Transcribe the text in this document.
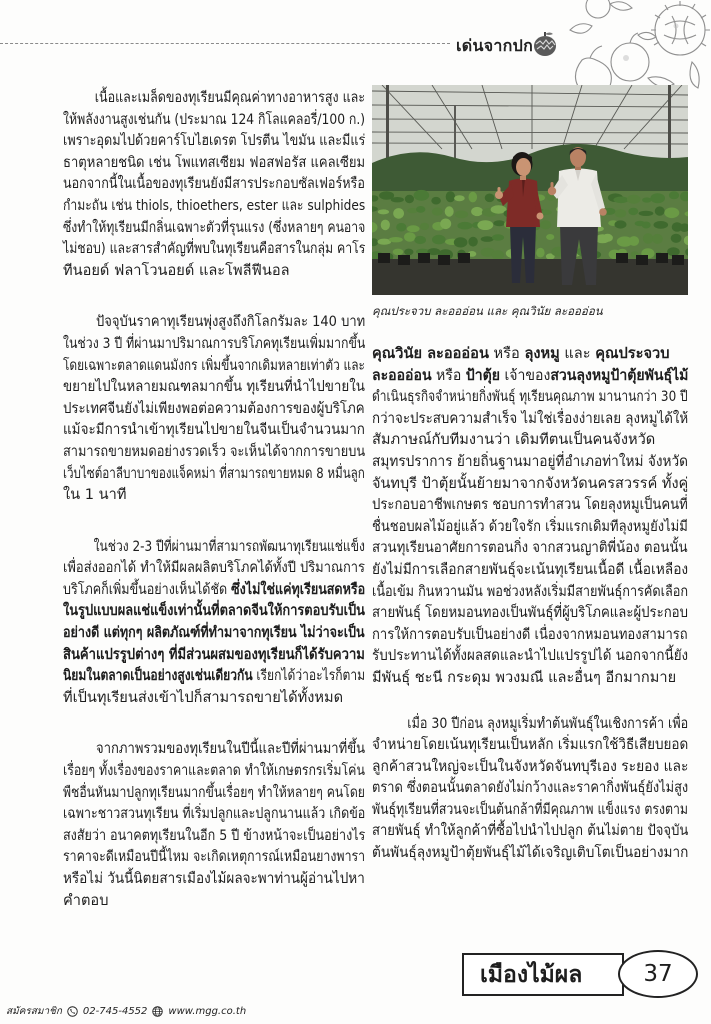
เด่นจากปก
เนื้อและเมล็ดของทุเรียนมีคุณค่าทางอาหารสูง และ
ให้พลังงานสูงเช่นกัน (ประมาณ 124 กิโลแคลอรี่/100 ก.)
เพราะอุดมไปด้วยคาร์โบไฮเดรต โปรตีน ไขมัน และมีแร่
ธาตุหลายชนิด เช่น โพแทสเซียม ฟอสฟอรัส แคลเซียม
นอกจากนี้ในเนื้อของทุเรียนยังมีสารประกอบซัลเฟอร์หรือ
กำมะถัน เช่น thiols, thioethers, ester และ sulphides
ซึ่งทำให้ทุเรียนมีกลิ่นเฉพาะตัวที่รุนแรง (ซึ่งหลายๆ คนอาจ
ไม่ชอบ) และสารสำคัญที่พบในทุเรียนคือสารในกลุ่ม คาโร
ทีนอยด์ ฟลาโวนอยด์ และโพลีฟีนอล
ปัจจุบันราคาทุเรียนพุ่งสูงถึงกิโลกรัมละ 140 บาท
ในช่วง 3 ปี ที่ผ่านมาปริมาณการบริโภคทุเรียนเพิ่มมากขึ้น
โดยเฉพาะตลาดแดนมังกร เพิ่มขึ้นจากเดิมหลายเท่าตัว และ
ขยายไปในหลายมณฑลมากขึ้น ทุเรียนที่นำไปขายใน
ประเทศจีนยังไม่เพียงพอต่อความต้องการของผู้บริโภค
แม้จะมีการนำเข้าทุเรียนไปขายในจีนเป็นจำนวนมาก
สามารถขายหมดอย่างรวดเร็ว จะเห็นได้จากการขายบน
เว็บไซต์อาลีบาบาของแจ็คหม่า ที่สามารถขายหมด 8 หมื่นลูก
ใน 1 นาที
ในช่วง 2-3 ปีที่ผ่านมาที่สามารถพัฒนาทุเรียนแช่แข็ง
เพื่อส่งออกได้ ทำให้มีผลผลิตบริโภคได้ทั้งปี ปริมาณการ
บริโภคก็เพิ่มขึ้นอย่างเห็นได้ชัด ซึ่งไม่ใช่แค่ทุเรียนสดหรือ
ในรูปแบบผลแช่แข็งเท่านั้นที่ตลาดจีนให้การตอบรับเป็น
อย่างดี แต่ทุกๆ ผลิตภัณฑ์ที่ทำมาจากทุเรียน ไม่ว่าจะเป็น
สินค้าแปรรูปต่างๆ ที่มีส่วนผสมของทุเรียนก็ได้รับความ
นิยมในตลาดเป็นอย่างสูงเช่นเดียวกัน เรียกได้ว่าอะไรก็ตาม
ที่เป็นทุเรียนส่งเข้าไปก็สามารถขายได้ทั้งหมด
จากภาพรวมของทุเรียนในปีนี้และปีที่ผ่านมาที่ขึ้น
เรื่อยๆ ทั้งเรื่องของราคาและตลาด ทำให้เกษตรกรเริ่มโค่น
พืชอื่นหันมาปลูกทุเรียนมากขึ้นเรื่อยๆ ทำให้หลายๆ คนโดย
เฉพาะชาวสวนทุเรียน ที่เริ่มปลูกและปลูกนานแล้ว เกิดข้อ
สงสัยว่า อนาคตทุเรียนในอีก 5 ปี ข้างหน้าจะเป็นอย่างไร
ราคาจะดีเหมือนปีนี้ไหม จะเกิดเหตุการณ์เหมือนยางพารา
หรือไม่ วันนี้นิตยสารเมืองไม้ผลจะพาท่านผู้อ่านไปหา
คำตอบ
คุณประจวบ ละอออ่อน และ คุณวินัย ละอออ่อน
คุณวินัย ละอออ่อน หรือ ลุงหมู และ คุณประจวบ
ละอออ่อน หรือ ป้าตุ้ย เจ้าของสวนลุงหมูป้าตุ้ยพันธุ์ไม้
ดำเนินธุรกิจจำหน่ายกิ่งพันธุ์ ทุเรียนคุณภาพ มานานกว่า 30 ปี
กว่าจะประสบความสำเร็จ ไม่ใช่เรื่องง่ายเลย ลุงหมูได้ให้
สัมภาษณ์กับทีมงานว่า เดิมทีตนเป็นคนจังหวัด
สมุทรปราการ ย้ายถิ่นฐานมาอยู่ที่อำเภอท่าใหม่ จังหวัด
จันทบุรี ป้าตุ้ยนั้นย้ายมาจากจังหวัดนครสวรรค์ ทั้งคู่
ประกอบอาชีพเกษตร ชอบการทำสวน โดยลุงหมูเป็นคนที่
ชื่นชอบผลไม้อยู่แล้ว ด้วยใจรัก เริ่มแรกเดิมทีลุงหมูยังไม่มี
สวนทุเรียนอาศัยการตอนกิ่ง จากสวนญาติพี่น้อง ตอนนั้น
ยังไม่มีการเลือกสายพันธุ์จะเน้นทุเรียนเนื้อดี เนื้อเหลือง
เนื้อเข้ม กินหวานมัน พอช่วงหลังเริ่มมีสายพันธุ์การคัดเลือก
สายพันธุ์ โดยหมอนทองเป็นพันธุ์ที่ผู้บริโภคและผู้ประกอบ
การให้การตอบรับเป็นอย่างดี เนื่องจากหมอนทองสามารถ
รับประทานได้ทั้งผลสดและนำไปแปรรูปได้ นอกจากนี้ยัง
มีพันธุ์ ชะนี กระดุม พวงมณี และอื่นๆ อีกมากมาย
เมื่อ 30 ปีก่อน ลุงหมูเริ่มทำต้นพันธุ์ในเชิงการค้า เพื่อ
จำหน่ายโดยเน้นทุเรียนเป็นหลัก เริ่มแรกใช้วิธีเสียบยอด
ลูกค้าสวนใหญ่จะเป็นในจังหวัดจันทบุรีเอง ระยอง และ
ตราด ซึ่งตอนนั้นตลาดยังไม่กว้างและราคากิ่งพันธุ์ยังไม่สูง
พันธุ์ทุเรียนที่สวนจะเป็นต้นกล้าที่มีคุณภาพ แข็งแรง ตรงตาม
สายพันธุ์ ทำให้ลูกค้าที่ซื้อไปนำไปปลูก ต้นไม่ตาย ปัจจุบัน
ต้นพันธุ์ลุงหมูป้าตุ้ยพันธุ์ไม้ได้เจริญเติบโตเป็นอย่างมาก
เมืองไม้ผล	37
สมัครสมาชิก 02-745-4552 www.mgg.co.th
